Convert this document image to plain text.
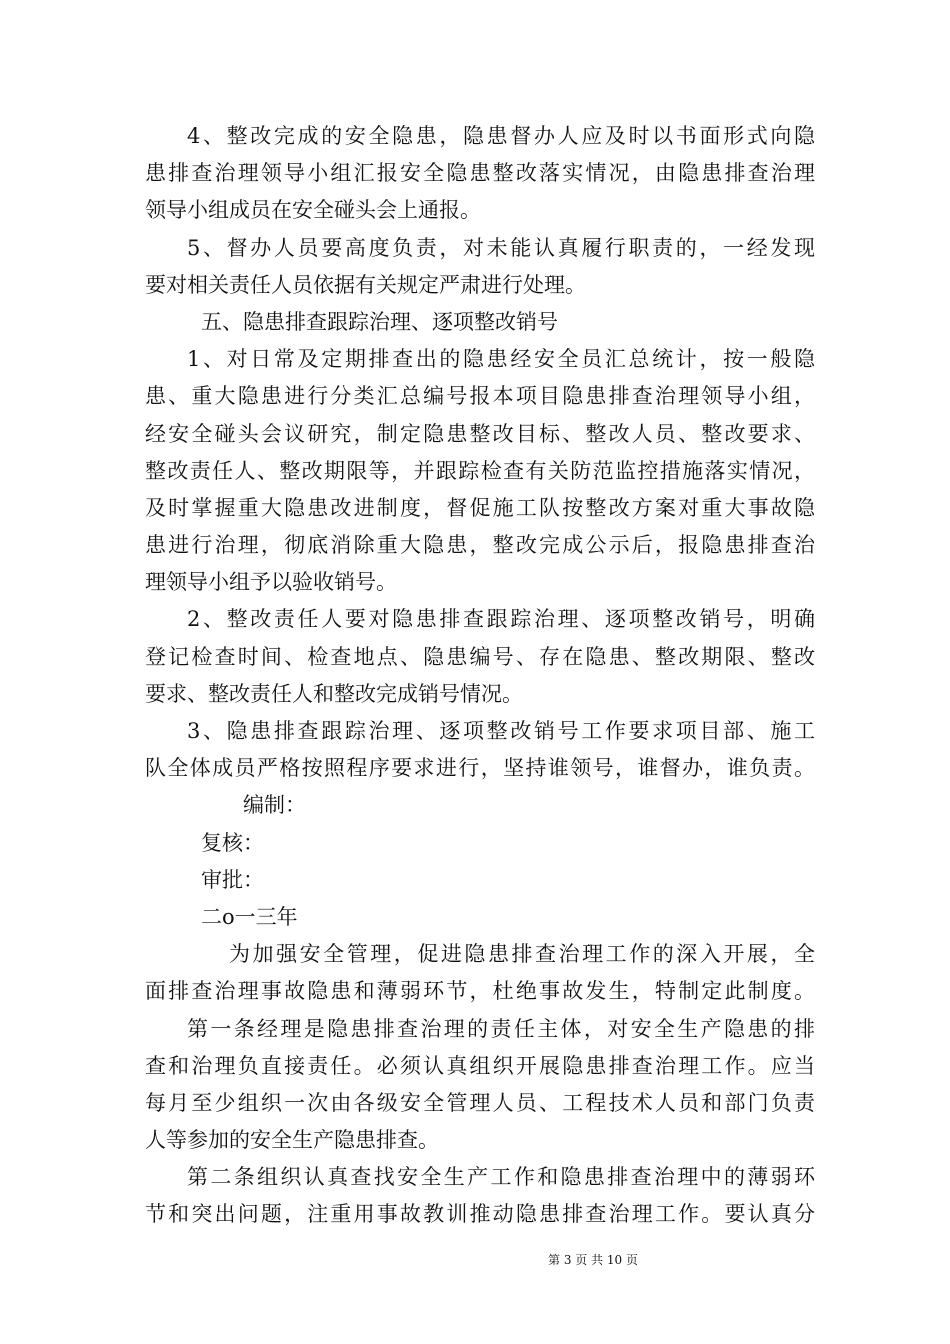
4、整改完成的安全隐患，隐患督办人应及时以书面形式向隐
患排查治理领导小组汇报安全隐患整改落实情况，由隐患排查治理
领导小组成员在安全碰头会上通报。
5、督办人员要高度负责，对未能认真履行职责的，一经发现
要对相关责任人员依据有关规定严肃进行处理。
五、隐患排查跟踪治理、逐项整改销号
1、对日常及定期排查出的隐患经安全员汇总统计，按一般隐
患、重大隐患进行分类汇总编号报本项目隐患排查治理领导小组，
经安全碰头会议研究，制定隐患整改目标、整改人员、整改要求、
整改责任人、整改期限等，并跟踪检查有关防范监控措施落实情况，
及时掌握重大隐患改进制度，督促施工队按整改方案对重大事故隐
患进行治理，彻底消除重大隐患，整改完成公示后，报隐患排查治
理领导小组予以验收销号。
2、整改责任人要对隐患排查跟踪治理、逐项整改销号，明确
登记检查时间、检查地点、隐患编号、存在隐患、整改期限、整改
要求、整改责任人和整改完成销号情况。
3、隐患排查跟踪治理、逐项整改销号工作要求项目部、施工
队全体成员严格按照程序要求进行，坚持谁领号，谁督办，谁负责。
编制：
复核：
审批：
二o一三年
为加强安全管理，促进隐患排查治理工作的深入开展，全
面排查治理事故隐患和薄弱环节，杜绝事故发生，特制定此制度。
第一条经理是隐患排查治理的责任主体，对安全生产隐患的排
查和治理负直接责任。必须认真组织开展隐患排查治理工作。应当
每月至少组织一次由各级安全管理人员、工程技术人员和部门负责
人等参加的安全生产隐患排查。
第二条组织认真查找安全生产工作和隐患排查治理中的薄弱环
节和突出问题，注重用事故教训推动隐患排查治理工作。要认真分
第 3 页 共 10 页
